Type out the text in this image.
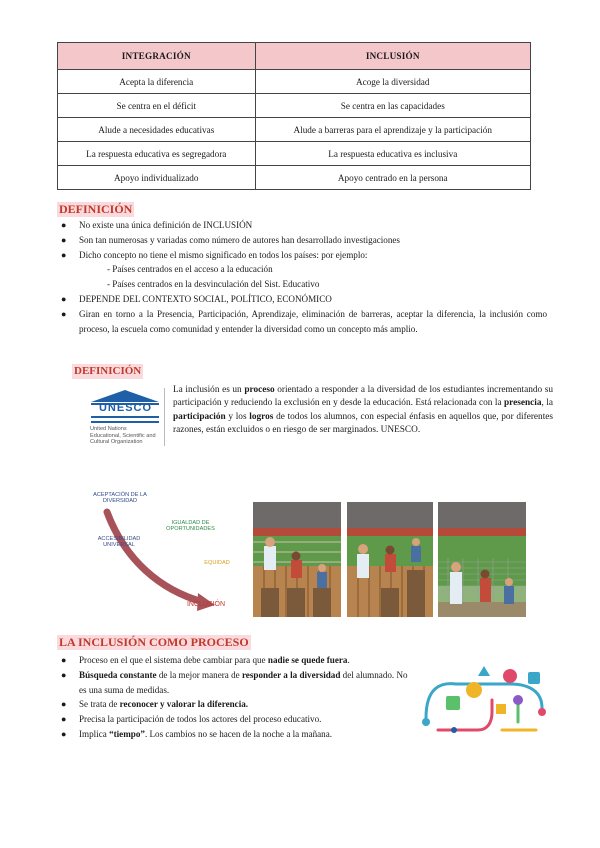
INTEGRACIÓN	INCLUSIÓN
Acepta la diferencia	Acoge la diversidad
Se centra en el déficit	Se centra en las capacidades
Alude a necesidades educativas	Alude a barreras para el aprendizaje y la participación
La respuesta educativa es segregadora	La respuesta educativa es inclusiva
Apoyo individualizado	Apoyo centrado en la persona
DEFINICIÓN
● No existe una única definición de INCLUSIÓN
● Son tan numerosas y variadas como número de autores han desarrollado investigaciones
● Dicho concepto no tiene el mismo significado en todos los países: por ejemplo:
- Países centrados en el acceso a la educación
- Países centrados en la desvinculación del Sist. Educativo
● DEPENDE DEL CONTEXTO SOCIAL, POLÍTICO, ECONÓMICO
● Giran en torno a la Presencia, Participación, Aprendizaje, eliminación de barreras, aceptar la diferencia, la inclusión como proceso, la escuela como comunidad y entender la diversidad como un concepto más amplio.
DEFINICIÓN
UNESCO
United Nations
Educational, Scientific and
Cultural Organization

La inclusión es un proceso orientado a responder a la diversidad de los estudiantes incrementando su participación y reduciendo la exclusión en y desde la educación. Está relacionada con la presencia, la participación y los logros de todos los alumnos, con especial énfasis en aquellos que, por diferentes razones, están excluidos o en riesgo de ser marginados. UNESCO.

ACEPTACIÓN DE LA DIVERSIDAD
IGUALDAD DE OPORTUNIDADES
ACCESIBILIDAD UNIVERSAL
EQUIDAD
INCLUSIÓN
LA INCLUSIÓN COMO PROCESO
● Proceso en el que el sistema debe cambiar para que nadie se quede fuera.
● Búsqueda constante de la mejor manera de responder a la diversidad del alumnado. No es una suma de medidas.
● Se trata de reconocer y valorar la diferencia.
● Precisa la participación de todos los actores del proceso educativo.
● Implica “tiempo”. Los cambios no se hacen de la noche a la mañana.
